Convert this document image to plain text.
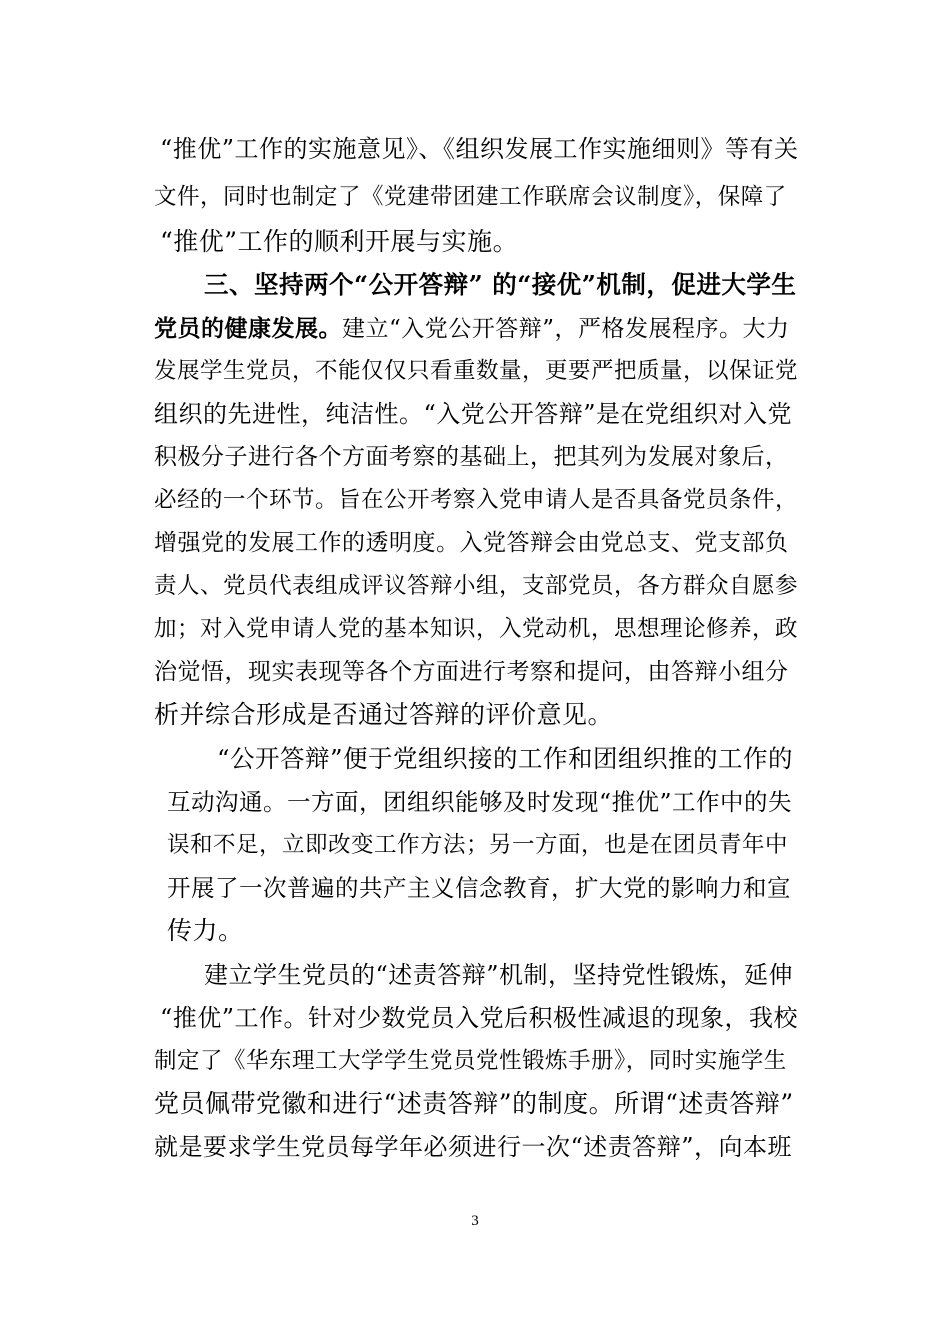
“推优”工作的实施意见》、《组织发展工作实施细则》等有关
文件，同时也制定了《党建带团建工作联席会议制度》，保障了
“推优”工作的顺利开展与实施。
三、坚持两个“公开答辩” 的“接优”机制，促进大学生
党员的健康发展。建立“入党公开答辩”，严格发展程序。大力
发展学生党员，不能仅仅只看重数量，更要严把质量，以保证党
组织的先进性，纯洁性。“入党公开答辩”是在党组织对入党
积极分子进行各个方面考察的基础上，把其列为发展对象后，
必经的一个环节。旨在公开考察入党申请人是否具备党员条件，
增强党的发展工作的透明度。入党答辩会由党总支、党支部负
责人、党员代表组成评议答辩小组，支部党员，各方群众自愿参
加；对入党申请人党的基本知识，入党动机，思想理论修养，政
治觉悟，现实表现等各个方面进行考察和提问，由答辩小组分
析并综合形成是否通过答辩的评价意见。
“公开答辩”便于党组织接的工作和团组织推的工作的
互动沟通。一方面，团组织能够及时发现“推优”工作中的失
误和不足，立即改变工作方法；另一方面，也是在团员青年中
开展了一次普遍的共产主义信念教育，扩大党的影响力和宣
传力。
建立学生党员的“述责答辩”机制，坚持党性锻炼，延伸
“推优”工作。针对少数党员入党后积极性减退的现象，我校
制定了《华东理工大学学生党员党性锻炼手册》，同时实施学生
党员佩带党徽和进行“述责答辩”的制度。所谓“述责答辩”
就是要求学生党员每学年必须进行一次“述责答辩”，向本班
3
